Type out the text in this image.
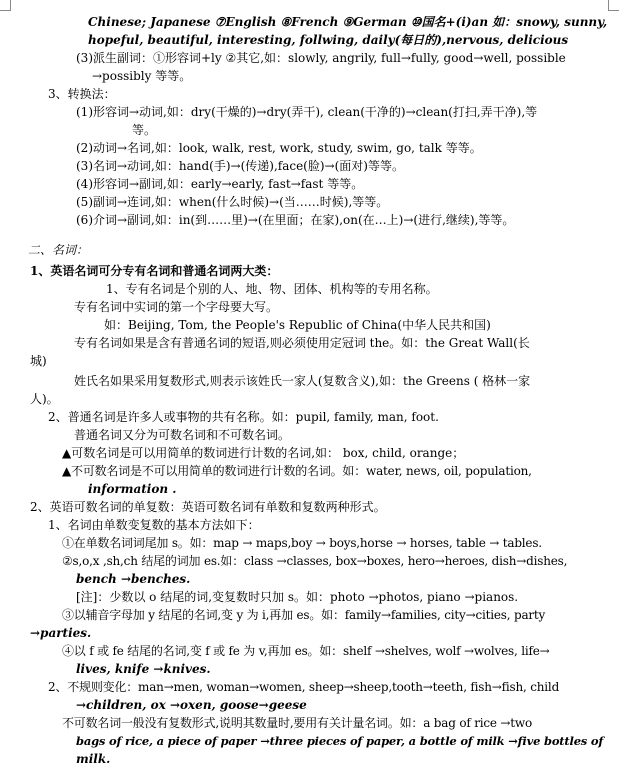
Chinese; Japanese ⑦English ⑧French ⑨German ⑩国名+(i)an 如：snowy, sunny,
hopeful, beautiful, interesting, follwing, daily(每日的),nervous, delicious
(3)派生副词：①形容词+ly ②其它,如：slowly, angrily, full→fully, good→well, possible
→possibly 等等。
3、转换法：
(1)形容词→动词,如：dry(干燥的)→dry(弄干), clean(干净的)→clean(打扫,弄干净),等
等。
(2)动词→名词,如：look, walk, rest, work, study, swim, go, talk 等等。
(3)名词→动词,如：hand(手)→(传递),face(脸)→(面对)等等。
(4)形容词→副词,如：early→early, fast→fast 等等。
(5)副词→连词,如：when(什么时候)→(当……时候),等等。
(6)介词→副词,如：in(到……里)→(在里面；在家),on(在…上)→(进行,继续),等等。
二、名词：
1、英语名词可分专有名词和普通名词两大类：
1、专有名词是个别的人、地、物、团体、机构等的专用名称。
专有名词中实词的第一个字母要大写。
如：Beijing, Tom, the People's Republic of China(中华人民共和国)
专有名词如果是含有普通名词的短语,则必须使用定冠词 the。如：the Great Wall(长
城)
姓氏名如果采用复数形式,则表示该姓氏一家人(复数含义),如：the Greens ( 格林一家
人)。
2、普通名词是许多人或事物的共有名称。如：pupil, family, man, foot.
普通名词又分为可数名词和不可数名词。
▲可数名词是可以用简单的数词进行计数的名词,如： box, child, orange；
▲不可数名词是不可以用简单的数词进行计数的名词。如：water, news, oil, population,
information .
2、英语可数名词的单复数：英语可数名词有单数和复数两种形式。
1、名词由单数变复数的基本方法如下：
①在单数名词词尾加 s。如：map → maps,boy → boys,horse → horses, table → tables.
②s,o,x ,sh,ch 结尾的词加 es.如：class →classes, box→boxes, hero→heroes, dish→dishes,
bench →benches.
[注]：少数以 o 结尾的词,变复数时只加 s。如：photo →photos, piano →pianos.
③以辅音字母加 y 结尾的名词,变 y 为 i,再加 es。如：family→families, city→cities, party
→parties.
④以 f 或 fe 结尾的名词,变 f 或 fe 为 v,再加 es。如：shelf →shelves, wolf →wolves, life→
lives, knife →knives.
2、不规则变化：man→men, woman→women, sheep→sheep,tooth→teeth, fish→fish, child
→children, ox →oxen, goose→geese
不可数名词一般没有复数形式,说明其数量时,要用有关计量名词。如：a bag of rice →two
bags of rice, a piece of paper →three pieces of paper, a bottle of milk →five bottles of
milk.
